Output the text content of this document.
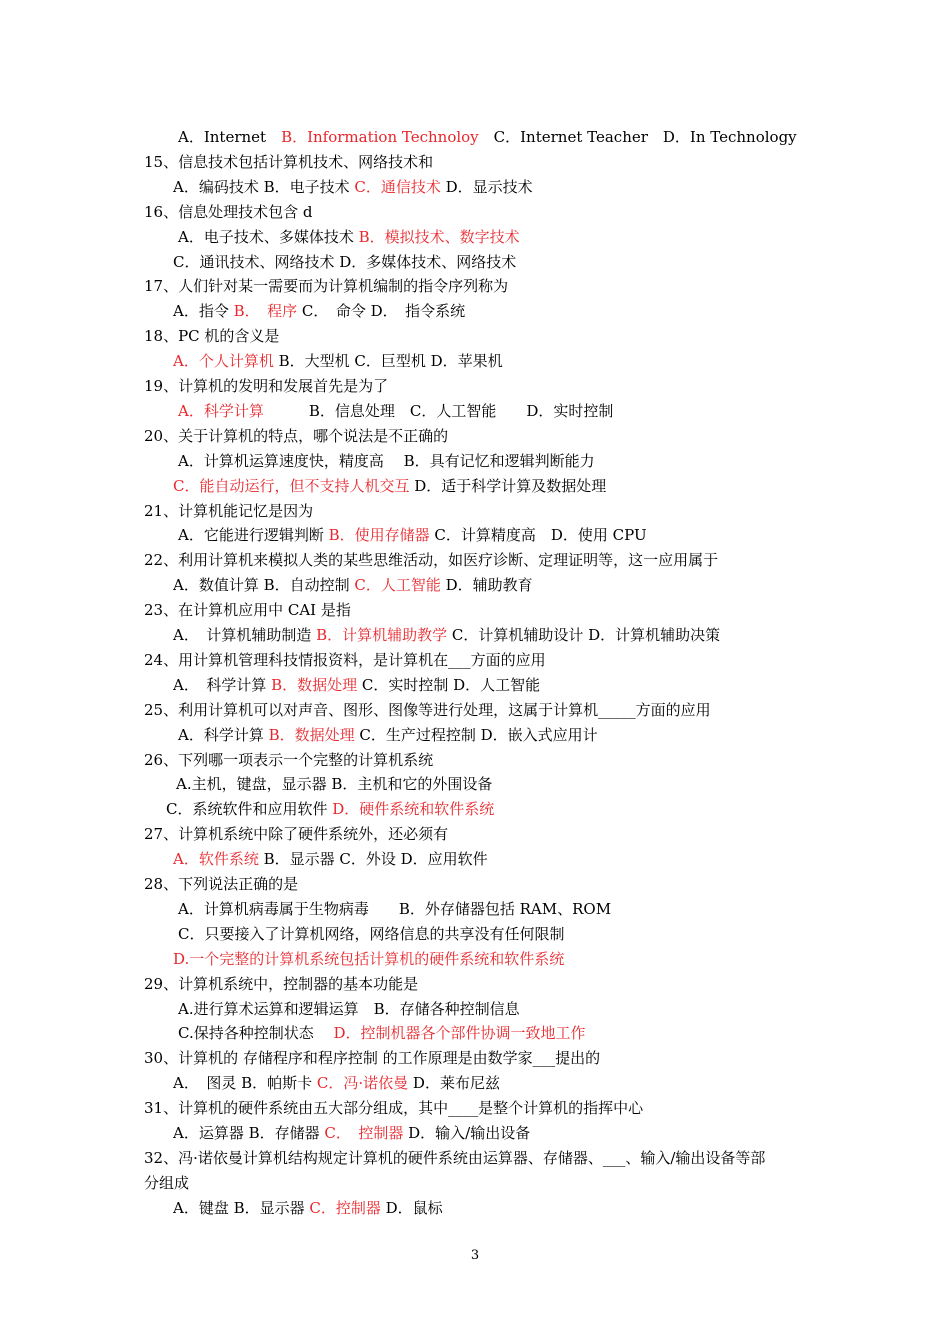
A．Internet　B．Information Technoloy　C．Internet Teacher　D．In Technology
15、信息技术包括计算机技术、网络技术和
A．编码技术 B．电子技术 C．通信技术 D．显示技术
16、信息处理技术包含 d
A．电子技术、多媒体技术 B．模拟技术、数字技术
C．通讯技术、网络技术 D．多媒体技术、网络技术
17、人们针对某一需要而为计算机编制的指令序列称为
A．指令 B．　程序 C．　命令 D．　指令系统
18、PC 机的含义是
A．个人计算机 B．大型机 C．巨型机 D．苹果机
19、计算机的发明和发展首先是为了
A．科学计算　　　B．信息处理　C．人工智能　　D．实时控制
20、关于计算机的特点，哪个说法是不正确的
A．计算机运算速度快，精度高　 B．具有记忆和逻辑判断能力
C．能自动运行，但不支持人机交互 D．适于科学计算及数据处理
21、计算机能记忆是因为
A．它能进行逻辑判断 B．使用存储器 C．计算精度高　D．使用 CPU
22、利用计算机来模拟人类的某些思维活动，如医疗诊断、定理证明等，这一应用属于
A．数值计算 B．自动控制 C．人工智能 D．辅助教育
23、在计算机应用中 CAI 是指
A．　计算机辅助制造 B．计算机辅助教学 C．计算机辅助设计 D．计算机辅助决策
24、用计算机管理科技情报资料，是计算机在___方面的应用
A．　科学计算 B．数据处理 C．实时控制 D．人工智能
25、利用计算机可以对声音、图形、图像等进行处理，这属于计算机_____方面的应用
A．科学计算 B．数据处理 C．生产过程控制 D．嵌入式应用计
26、下列哪一项表示一个完整的计算机系统
A.主机，键盘，显示器 B．主机和它的外围设备
C．系统软件和应用软件 D．硬件系统和软件系统
27、计算机系统中除了硬件系统外，还必须有
A．软件系统 B．显示器 C．外设 D．应用软件
28、下列说法正确的是
A．计算机病毒属于生物病毒　　B．外存储器包括 RAM、ROM
C．只要接入了计算机网络，网络信息的共享没有任何限制
D.一个完整的计算机系统包括计算机的硬件系统和软件系统
29、计算机系统中，控制器的基本功能是
A.进行算术运算和逻辑运算　B．存储各种控制信息
C.保持各种控制状态　 D．控制机器各个部件协调一致地工作
30、计算机的 存储程序和程序控制 的工作原理是由数学家___提出的
A．　图灵 B．帕斯卡 C．冯·诺依曼 D．莱布尼兹
31、计算机的硬件系统由五大部分组成，其中____是整个计算机的指挥中心
A．运算器 B．存储器 C．　控制器 D．输入/输出设备
32、冯·诺依曼计算机结构规定计算机的硬件系统由运算器、存储器、___、输入/输出设备等部
分组成
A．键盘 B．显示器 C．控制器 D．鼠标
3
